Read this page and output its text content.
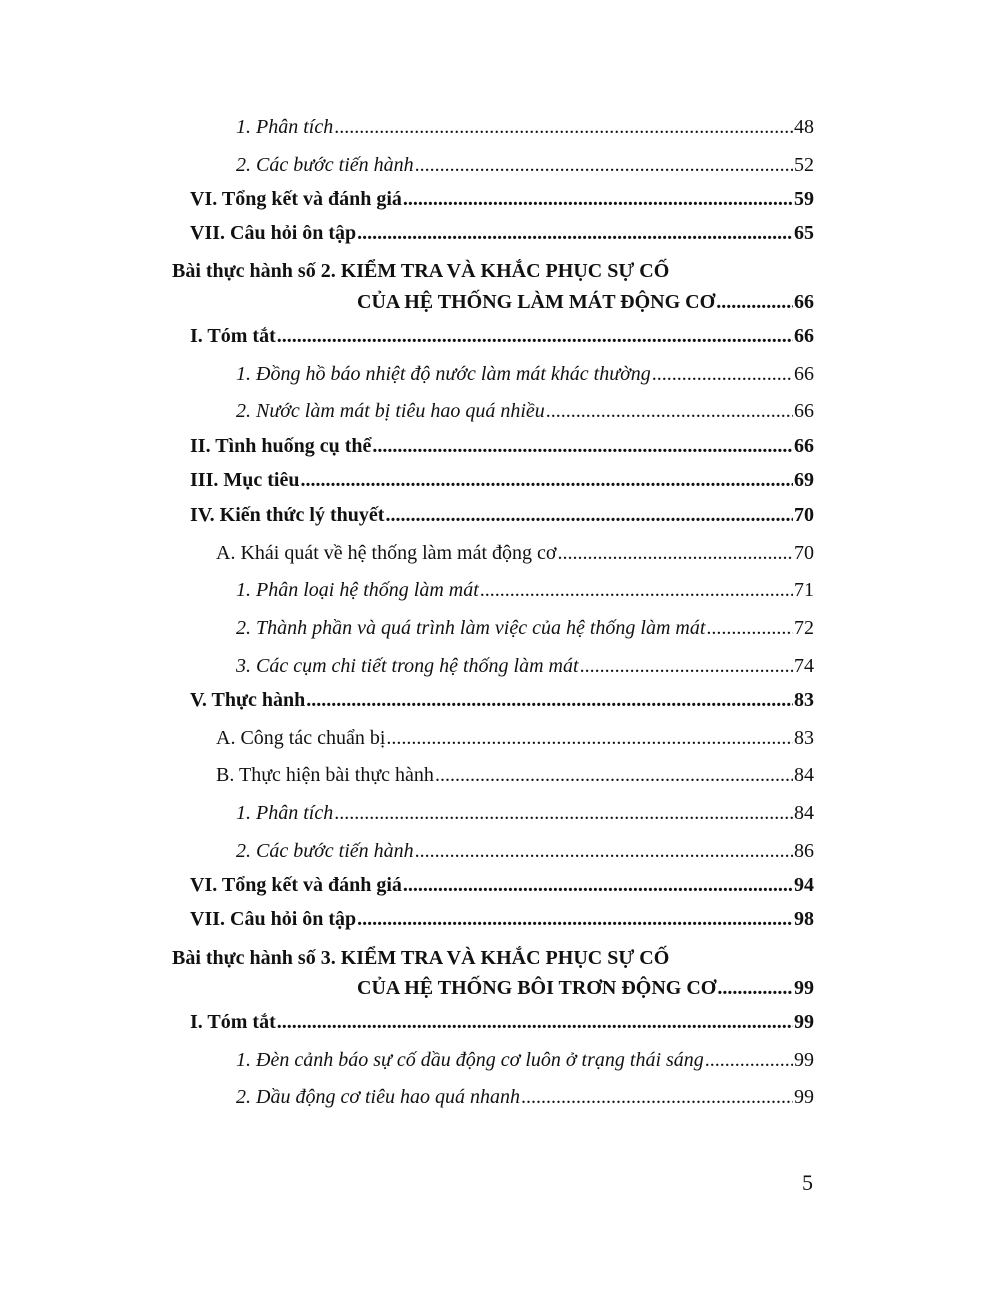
1. Phân tích .....	48
2. Các bước tiến hành .....	52
VI. Tổng kết và đánh giá .....	59
VII. Câu hỏi ôn tập .....	65
Bài thực hành số 2. KIỂM TRA VÀ KHẮC PHỤC SỰ CỐ
CỦA HỆ THỐNG LÀM MÁT ĐỘNG CƠ .....	66
I. Tóm tắt .....	66
1. Đồng hồ báo nhiệt độ nước làm mát khác thường .....	66
2. Nước làm mát bị tiêu hao quá nhiều .....	66
II. Tình huống cụ thể .....	66
III. Mục tiêu .....	69
IV. Kiến thức lý thuyết .....	70
A. Khái quát về hệ thống làm mát động cơ .....	70
1. Phân loại hệ thống làm mát .....	71
2. Thành phần và quá trình làm việc của hệ thống làm mát .....	72
3. Các cụm chi tiết trong hệ thống làm mát .....	74
V. Thực hành .....	83
A. Công tác chuẩn bị .....	83
B. Thực hiện bài thực hành .....	84
1. Phân tích .....	84
2. Các bước tiến hành .....	86
VI. Tổng kết và đánh giá .....	94
VII. Câu hỏi ôn tập .....	98
Bài thực hành số 3. KIỂM TRA VÀ KHẮC PHỤC SỰ CỐ
CỦA HỆ THỐNG BÔI TRƠN ĐỘNG CƠ .....	99
I. Tóm tắt .....	99
1. Đèn cảnh báo sự cố dầu động cơ luôn ở trạng thái sáng .....	99
2. Dầu động cơ tiêu hao quá nhanh .....	99
5
